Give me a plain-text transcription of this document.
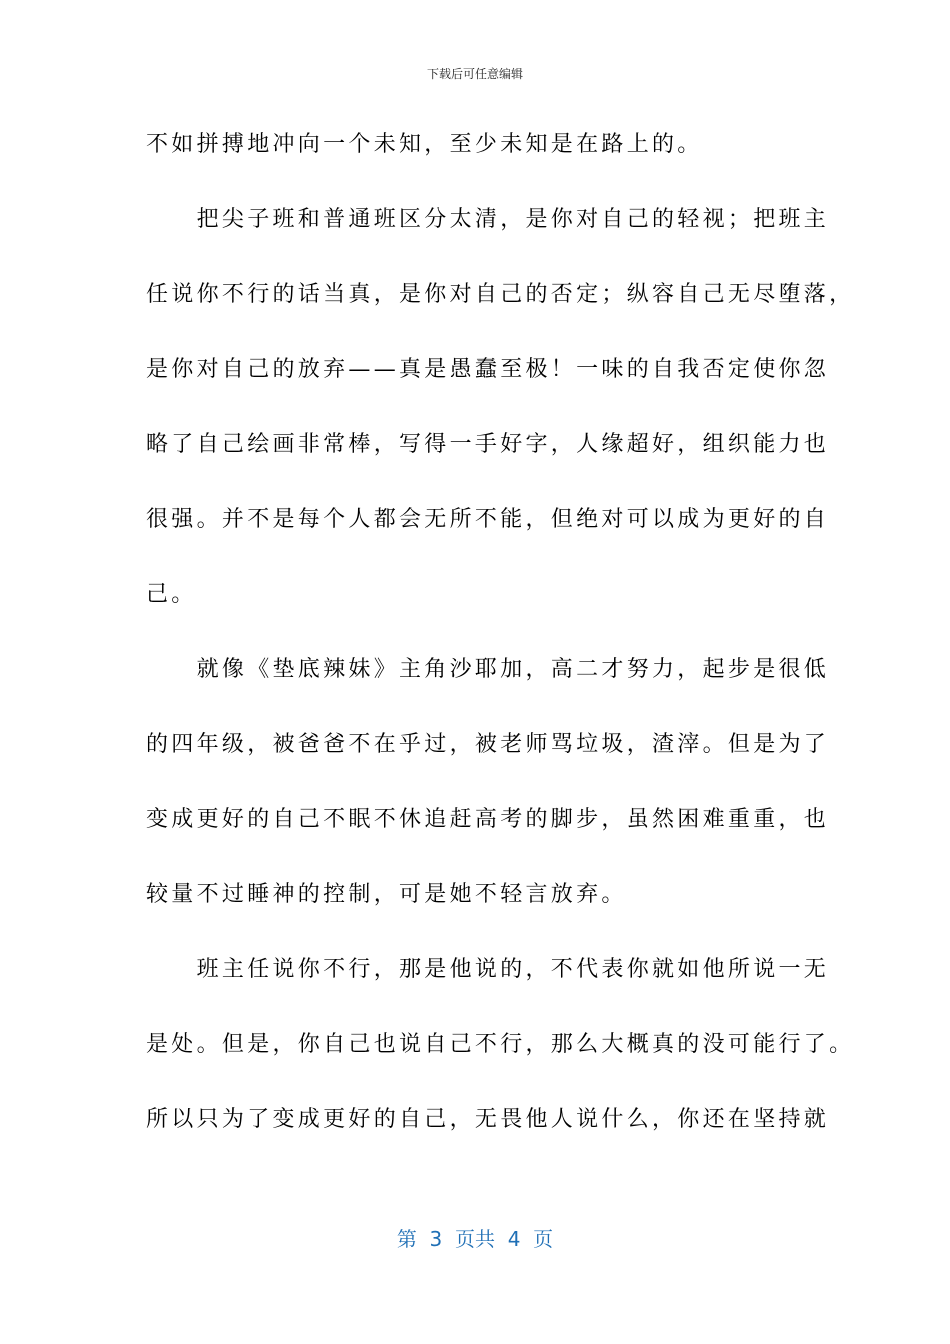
下载后可任意编辑
不如拼搏地冲向一个未知，至少未知是在路上的。
　　把尖子班和普通班区分太清，是你对自己的轻视；把班主
任说你不行的话当真，是你对自己的否定；纵容自己无尽堕落，
是你对自己的放弃——真是愚蠢至极！一味的自我否定使你忽
略了自己绘画非常棒，写得一手好字，人缘超好，组织能力也
很强。并不是每个人都会无所不能，但绝对可以成为更好的自
己。
　　就像《垫底辣妹》主角沙耶加，高二才努力，起步是很低
的四年级，被爸爸不在乎过，被老师骂垃圾，渣滓。但是为了
变成更好的自己不眠不休追赶高考的脚步，虽然困难重重，也
较量不过睡神的控制，可是她不轻言放弃。
　　班主任说你不行，那是他说的，不代表你就如他所说一无
是处。但是，你自己也说自己不行，那么大概真的没可能行了。
所以只为了变成更好的自己，无畏他人说什么，你还在坚持就
第  3  页共  4  页
